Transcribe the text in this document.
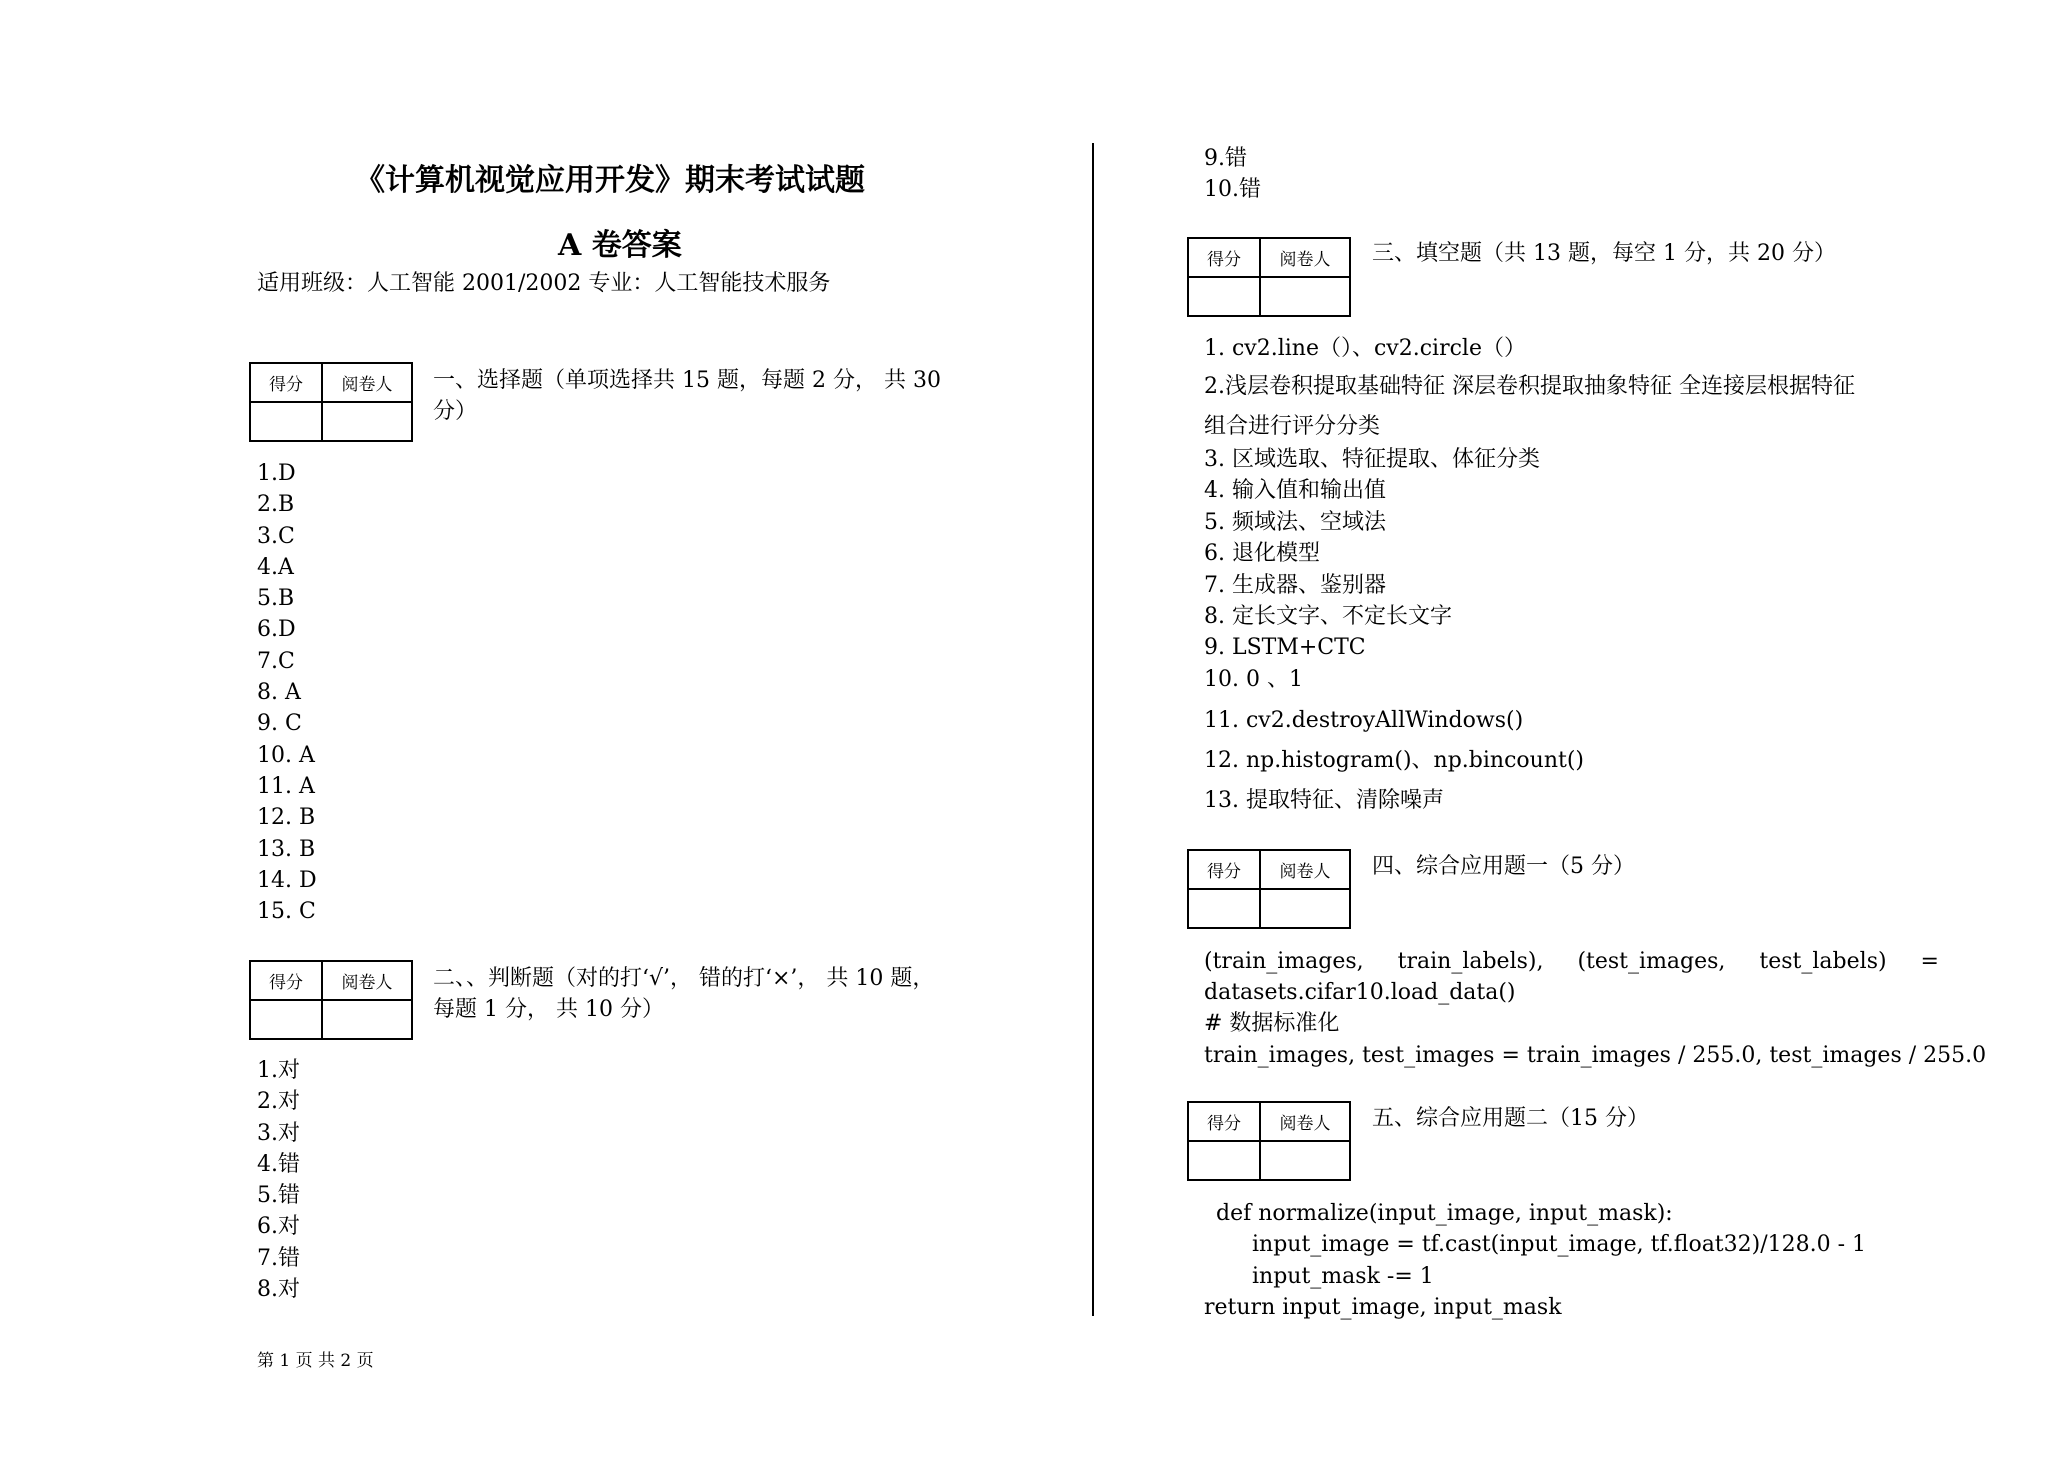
《计算机视觉应用开发》期末考试试题
A 卷答案
适用班级：人工智能 2001/2002 专业：人工智能技术服务
得分	阅卷人
	一、选择题（单项选择共 15 题，每题 2 分， 共 30
分）
1.D
2.B
3.C
4.A
5.B
6.D
7.C
8. A
9. C
10. A
11. A
12. B
13. B
14. D
15. C
得分	阅卷人
	二、、判断题（对的打‘√’， 错的打‘×’， 共 10 题，
每题 1 分， 共 10 分）
1.对
2.对
3.对
4.错
5.错
6.对
7.错
8.对
第 1 页 共 2 页
9.错
10.错
得分	阅卷人
	三、填空题（共 13 题，每空 1 分，共 20 分）
1. cv2.line（）、cv2.circle（）
2.浅层卷积提取基础特征 深层卷积提取抽象特征 全连接层根据特征
组合进行评分分类
3. 区域选取、特征提取、体征分类
4. 输入值和输出值
5. 频域法、空域法
6. 退化模型
7. 生成器、鉴别器
8. 定长文字、不定长文字
9. LSTM+CTC
10. 0 、1
11. cv2.destroyAllWindows()
12. np.histogram()、np.bincount()
13. 提取特征、清除噪声
得分	阅卷人
	四、综合应用题一（5 分）
(train_images, train_labels), (test_images, test_labels) =
datasets.cifar10.load_data()
# 数据标准化
train_images, test_images = train_images / 255.0, test_images / 255.0
得分	阅卷人
	五、综合应用题二（15 分）
def normalize(input_image, input_mask):
input_image = tf.cast(input_image, tf.float32)/128.0 - 1
input_mask -= 1
return input_image, input_mask
